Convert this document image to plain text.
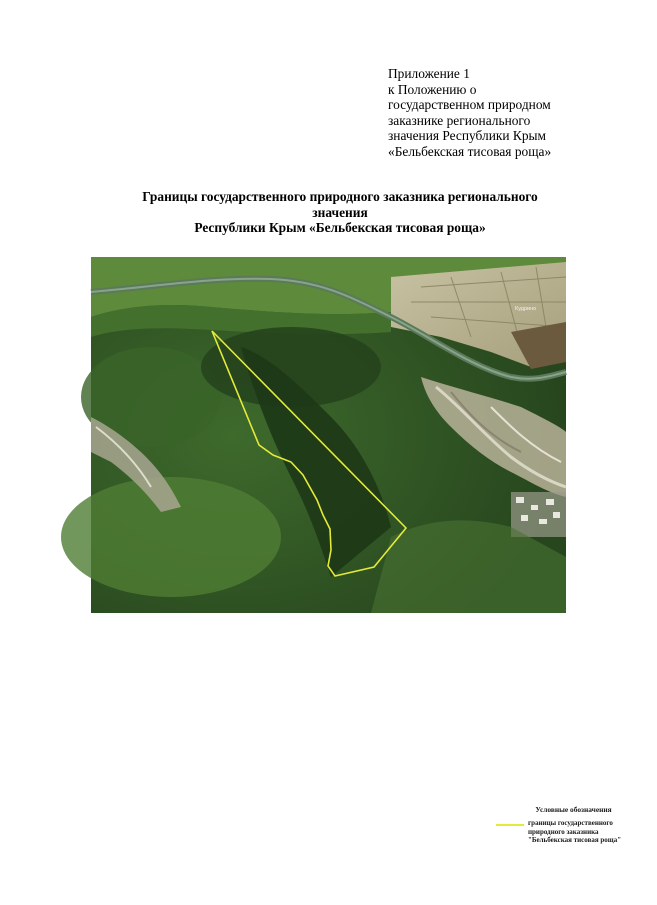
Приложение 1
к Положению о
государственном природном
заказнике регионального
значения Республики Крым
«Бельбекская тисовая роща»
Границы государственного природного заказника регионального
значения
Республики Крым «Бельбекская тисовая роща»
Кудрино
Условные обозначения
границы государственного
природного заказника
"Бельбекская тисовая роща"
